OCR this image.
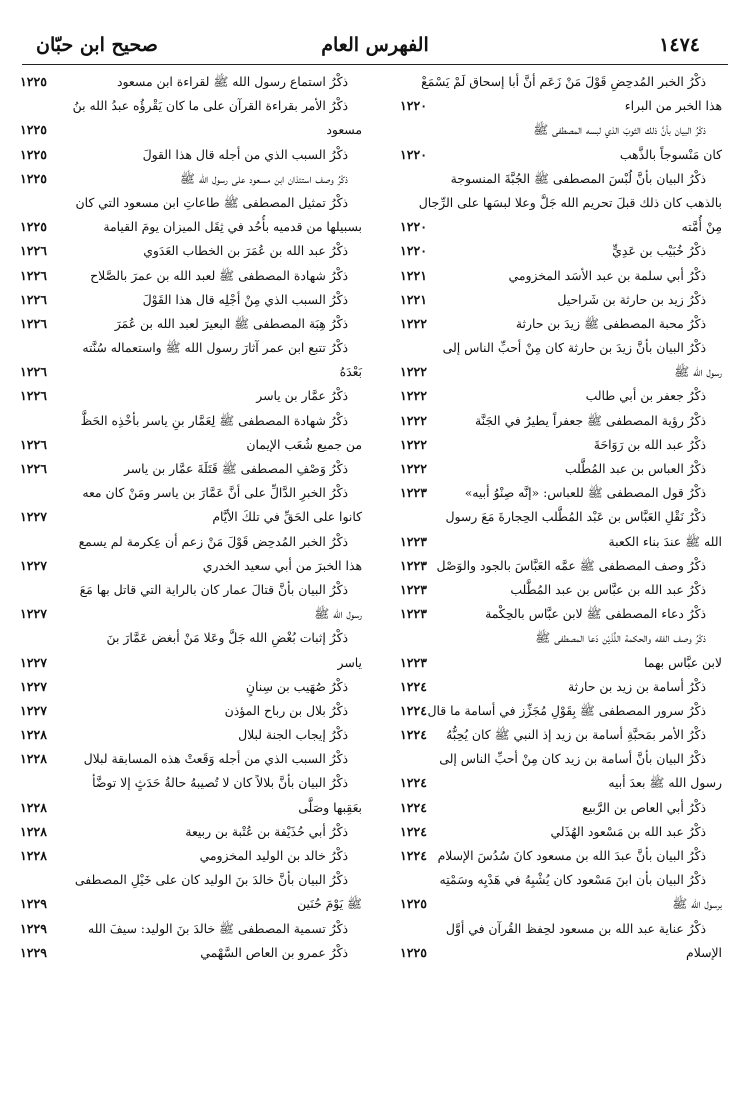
١٤٧٤
الفهرس العام
صحيح ابن حبّان
ذكْرُ الخبر المُدحِضِ قَوْلَ مَنْ زَعَم أنَّ أبا إسحاق لَمْ يَسْمَعْ
هذا الخبر من البراء
١٢٢٠
ذكْرُ البيان بأنَّ ذلك الثوبَ الذي لبسه المصطفى ﷺ
كان مَنْسوجاً بالذَّهب
١٢٢٠
ذكْرُ البيان بأنَّ لُبْسَ المصطفى ﷺ الجُبَّةَ المنسوجة
بالذهب كان ذلك قبلَ تحريم الله جَلَّ وعلا لبسَها على الرِّجال
مِنْ أُمَّته
١٢٢٠
ذكْرُ خُبَيْب بن عَدِيٍّ
١٢٢٠
ذكْرُ أبي سلمة بن عبد الأسَد المخزومي
١٢٢١
ذكْرُ زيد بن حارثة بن شَراحيل
١٢٢١
ذكْرُ محبة المصطفى ﷺ زيدَ بن حارثة
١٢٢٢
ذكْرُ البيان بأنَّ زيدَ بن حارثة كان مِنْ أحبِّ الناس إلى
رسول الله ﷺ
١٢٢٢
ذكْرُ جعفر بن أبي طالب
١٢٢٢
ذكْرُ رؤية المصطفى ﷺ جعفراً يطيرُ في الجَنَّة
١٢٢٢
ذكْرُ عبد الله بن رَوَاحَةَ
١٢٢٢
ذكْرُ العباس بن عبد المُطَّلب
١٢٢٢
ذكْرُ قول المصطفى ﷺ للعباس: «إنَّه صِنْوُ أبيه»
١٢٢٣
ذكْرُ نَقْلِ العَبَّاس بن عَبْد المُطَّلب الحِجارةَ مَعَ رسول
الله ﷺ عندَ بناء الكعبة
١٢٢٣
ذكْرُ وصف المصطفى ﷺ عمَّه العَبَّاسَ بالجود والوَصْل
١٢٢٣
ذكْرُ عبد الله بن عبَّاس بن عبد المُطَّلب
١٢٢٣
ذكْرُ دعاء المصطفى ﷺ لابن عبَّاس بالحِكْمة
١٢٢٣
ذكْرُ وصف الفقه والحكمة اللَّذَيْن دَعا المصطفى ﷺ
لابن عبَّاس بهما
١٢٢٣
ذكْرُ أسامة بن زيد بن حارثة
١٢٢٤
ذكْرُ سرور المصطفى ﷺ بِقَوْلِ مُجَزِّز في أسامة ما قال
١٢٢٤
ذكْرُ الأمر بمَحبَّةِ أسامة بن زيد إذ النبي ﷺ كان يُحِبُّهُ
١٢٢٤
ذكْرُ البيان بأنَّ أسامة بن زيد كان مِنْ أحبِّ الناس إلى
رسول الله ﷺ بعدَ أبيه
١٢٢٤
ذكْرُ أبي العاص بن الرَّبيع
١٢٢٤
ذكْرُ عبد الله بن مَسْعود الهُذَلي
١٢٢٤
ذكْرُ البيان بأنَّ عبدَ الله بن مسعود كانَ سُدُسَ الإسلام
١٢٢٤
ذكْرُ البيان بأن ابنَ مَسْعود كان يُشْبِهُ في هَدْيِه وسَمْتِه
برسول الله ﷺ
١٢٢٥
ذكْرُ عناية عبد الله بن مسعود لحِفظ القُرآن في أوَّل
الإسلام
١٢٢٥
ذكْرُ استماع رسول الله ﷺ لقراءة ابن مسعود
١٢٢٥
ذكْرُ الأمر بقراءة القرآن على ما كان يَقْرؤُه عبدُ الله بنُ
مسعود
١٢٢٥
ذكْرُ السبب الذي من أجله قال هذا القولَ
١٢٢٥
ذكْرُ وصف استئذان ابن مسعود على رسول الله ﷺ
١٢٢٥
ذكْرُ تمثيل المصطفى ﷺ طاعاتِ ابن مسعود التي كان
بسبيلها من قدميه بأُحُد في ثِقَل الميزان يومَ القيامة
١٢٢٥
ذكْرُ عبد الله بن عُمَرَ بن الخطاب العَدَوي
١٢٢٦
ذكْرُ شهادة المصطفى ﷺ لعبد الله بن عمرَ بالصَّلاح
١٢٢٦
ذكْرُ السبب الذي مِنْ أجْلِه قال هذا القَوْلَ
١٢٢٦
ذكْرُ هِبَة المصطفى ﷺ البعيرَ لعبد الله بن عُمَرَ
١٢٢٦
ذكْرُ تتبع ابن عمر آثارَ رسول الله ﷺ واستعماله سُنَّته
بَعْدَهُ
١٢٢٦
ذكْرُ عمَّار بن ياسر
١٢٢٦
ذكْرُ شهادة المصطفى ﷺ لِعَمَّار بنِ ياسر بأخْذِه الحَظَّ
من جميع شُعَب الإيمان
١٢٢٦
ذكْرُ وَصْفِ المصطفى ﷺ قَتَلَةَ عمَّار بن ياسر
١٢٢٦
ذكْرُ الخبرِ الدَّالِّ على أنَّ عَمَّارَ بن ياسر ومَنْ كان معه
كانوا على الحَقِّ في تلكَ الأيَّام
١٢٢٧
ذكْرُ الخبر المُدحِض قَوْلَ مَنْ زعم أن عِكرمة لم يسمع
هذا الخبرَ من أبي سعيد الخدري
١٢٢٧
ذكْرُ البيان بأنَّ قتالَ عمار كان بالراية التي قاتل بها مَعَ
رسول الله ﷺ
١٢٢٧
ذكْرُ إثبات بُغْضِ الله جَلَّ وعَلا مَنْ أبغض عَمَّارَ بنَ
ياسر
١٢٢٧
ذكْرُ صُهَيب بن سِنانٍ
١٢٢٧
ذكْرُ بلال بن رباح المؤذن
١٢٢٧
ذكْرُ إيجاب الجنة لبلال
١٢٢٨
ذكْرُ السبب الذي من أجله وَقَعتْ هذه المسابقة لبلال
١٢٢٨
ذكْرُ البيان بأنَّ بلالاً كان لا تُصيبهُ حالةُ حَدَثٍ إلا توضَّأ
بعَقِبها وصَلَّى
١٢٢٨
ذكْرُ أبي حُذَيْفة بن عُتْبة بن ربيعة
١٢٢٨
ذكْرُ خالد بن الوليد المخزومي
١٢٢٨
ذكْرُ البيان بأنَّ خالدَ بنَ الوليد كان على خَيْلِ المصطفى
ﷺ يَوْمَ حُنَين
١٢٢٩
ذكْرُ تسمية المصطفى ﷺ خالدَ بنَ الوليد: سيفَ الله
١٢٢٩
ذكْرُ عمرو بن العاص السَّهْمي
١٢٢٩
